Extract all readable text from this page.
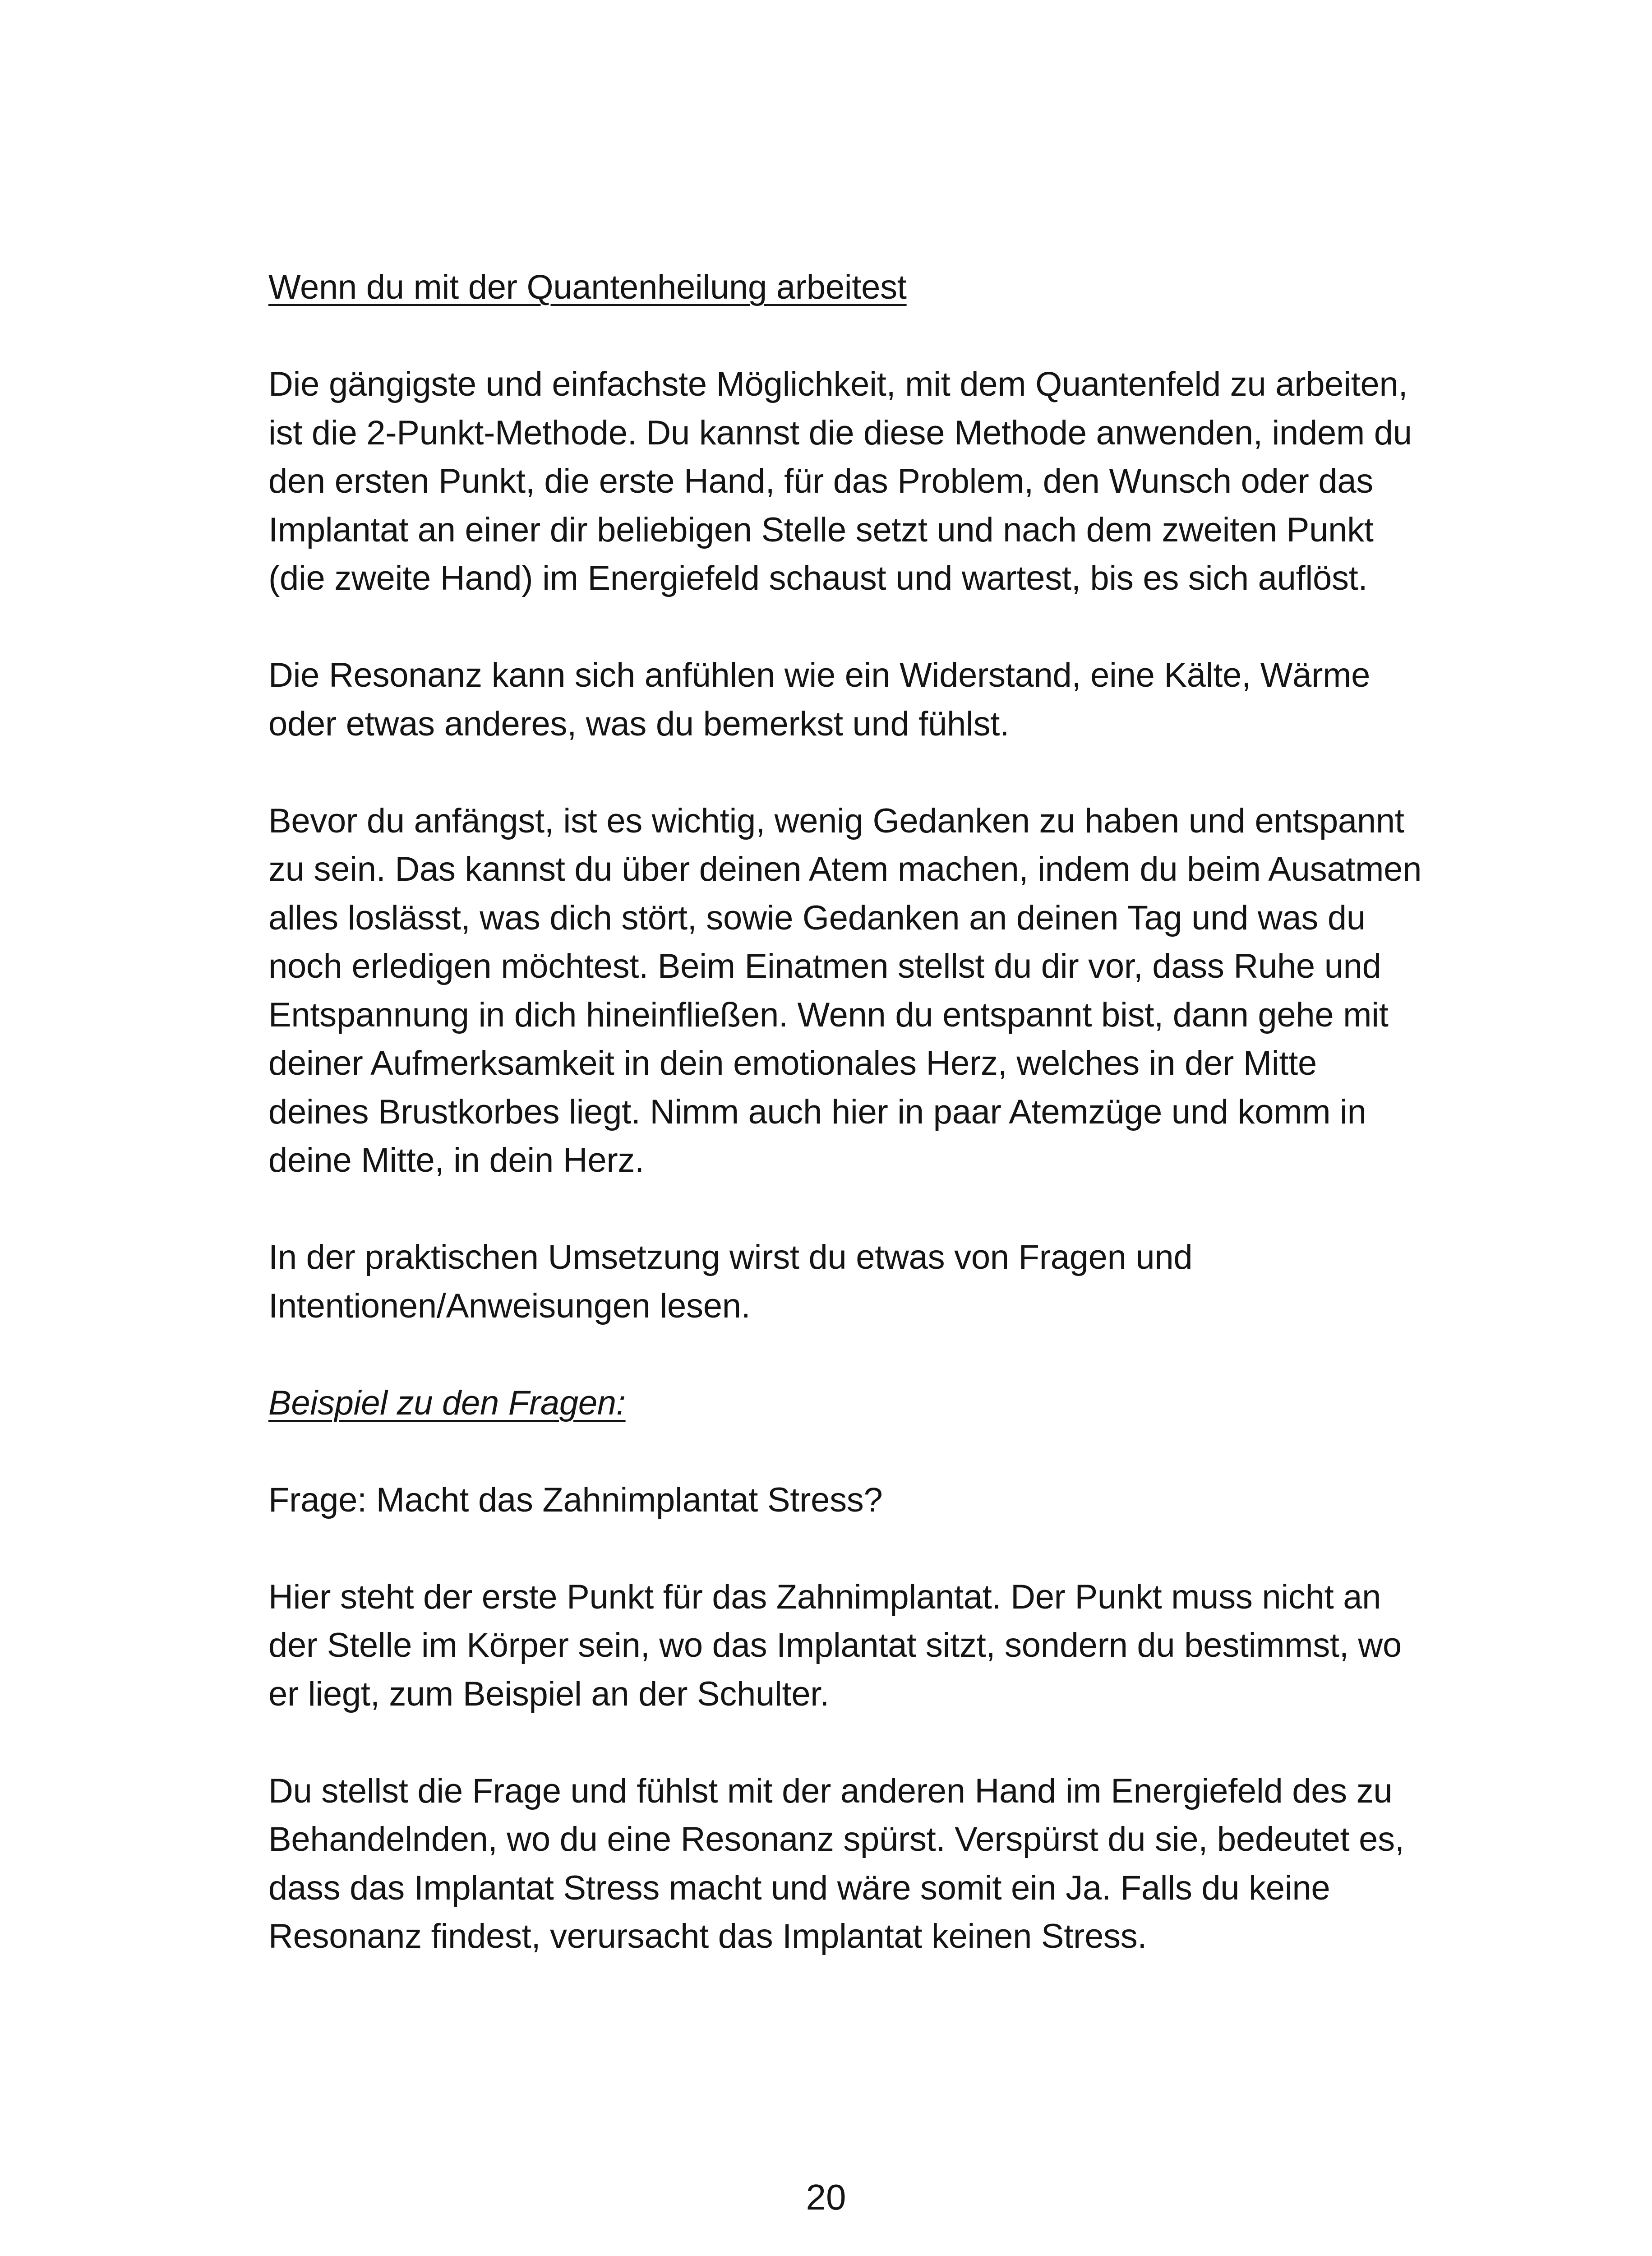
Wenn du mit der Quantenheilung arbeitest

Die gängigste und einfachste Möglichkeit, mit dem Quantenfeld zu arbeiten, ist die 2-Punkt-Methode. Du kannst die diese Methode anwenden, indem du den ersten Punkt, die erste Hand, für das Problem, den Wunsch oder das Implantat an einer dir beliebigen Stelle setzt und nach dem zweiten Punkt (die zweite Hand) im Energiefeld schaust und wartest, bis es sich auflöst.

Die Resonanz kann sich anfühlen wie ein Widerstand, eine Kälte, Wärme oder etwas anderes, was du bemerkst und fühlst.

Bevor du anfängst, ist es wichtig, wenig Gedanken zu haben und entspannt zu sein. Das kannst du über deinen Atem machen, indem du beim Ausatmen alles loslässt, was dich stört, sowie Gedanken an deinen Tag und was du noch erledigen möchtest. Beim Einatmen stellst du dir vor, dass Ruhe und Entspannung in dich hineinfließen. Wenn du entspannt bist, dann gehe mit deiner Aufmerksamkeit in dein emotionales Herz, welches in der Mitte deines Brustkorbes liegt. Nimm auch hier in paar Atemzüge und komm in deine Mitte, in dein Herz.

In der praktischen Umsetzung wirst du etwas von Fragen und Intentionen/Anweisungen lesen.

Beispiel zu den Fragen:

Frage: Macht das Zahnimplantat Stress?

Hier steht der erste Punkt für das Zahnimplantat. Der Punkt muss nicht an der Stelle im Körper sein, wo das Implantat sitzt, sondern du bestimmst, wo er liegt, zum Beispiel an der Schulter.

Du stellst die Frage und fühlst mit der anderen Hand im Energiefeld des zu Behandelnden, wo du eine Resonanz spürst. Verspürst du sie, bedeutet es, dass das Implantat Stress macht und wäre somit ein Ja. Falls du keine Resonanz findest, verursacht das Implantat keinen Stress.

20
